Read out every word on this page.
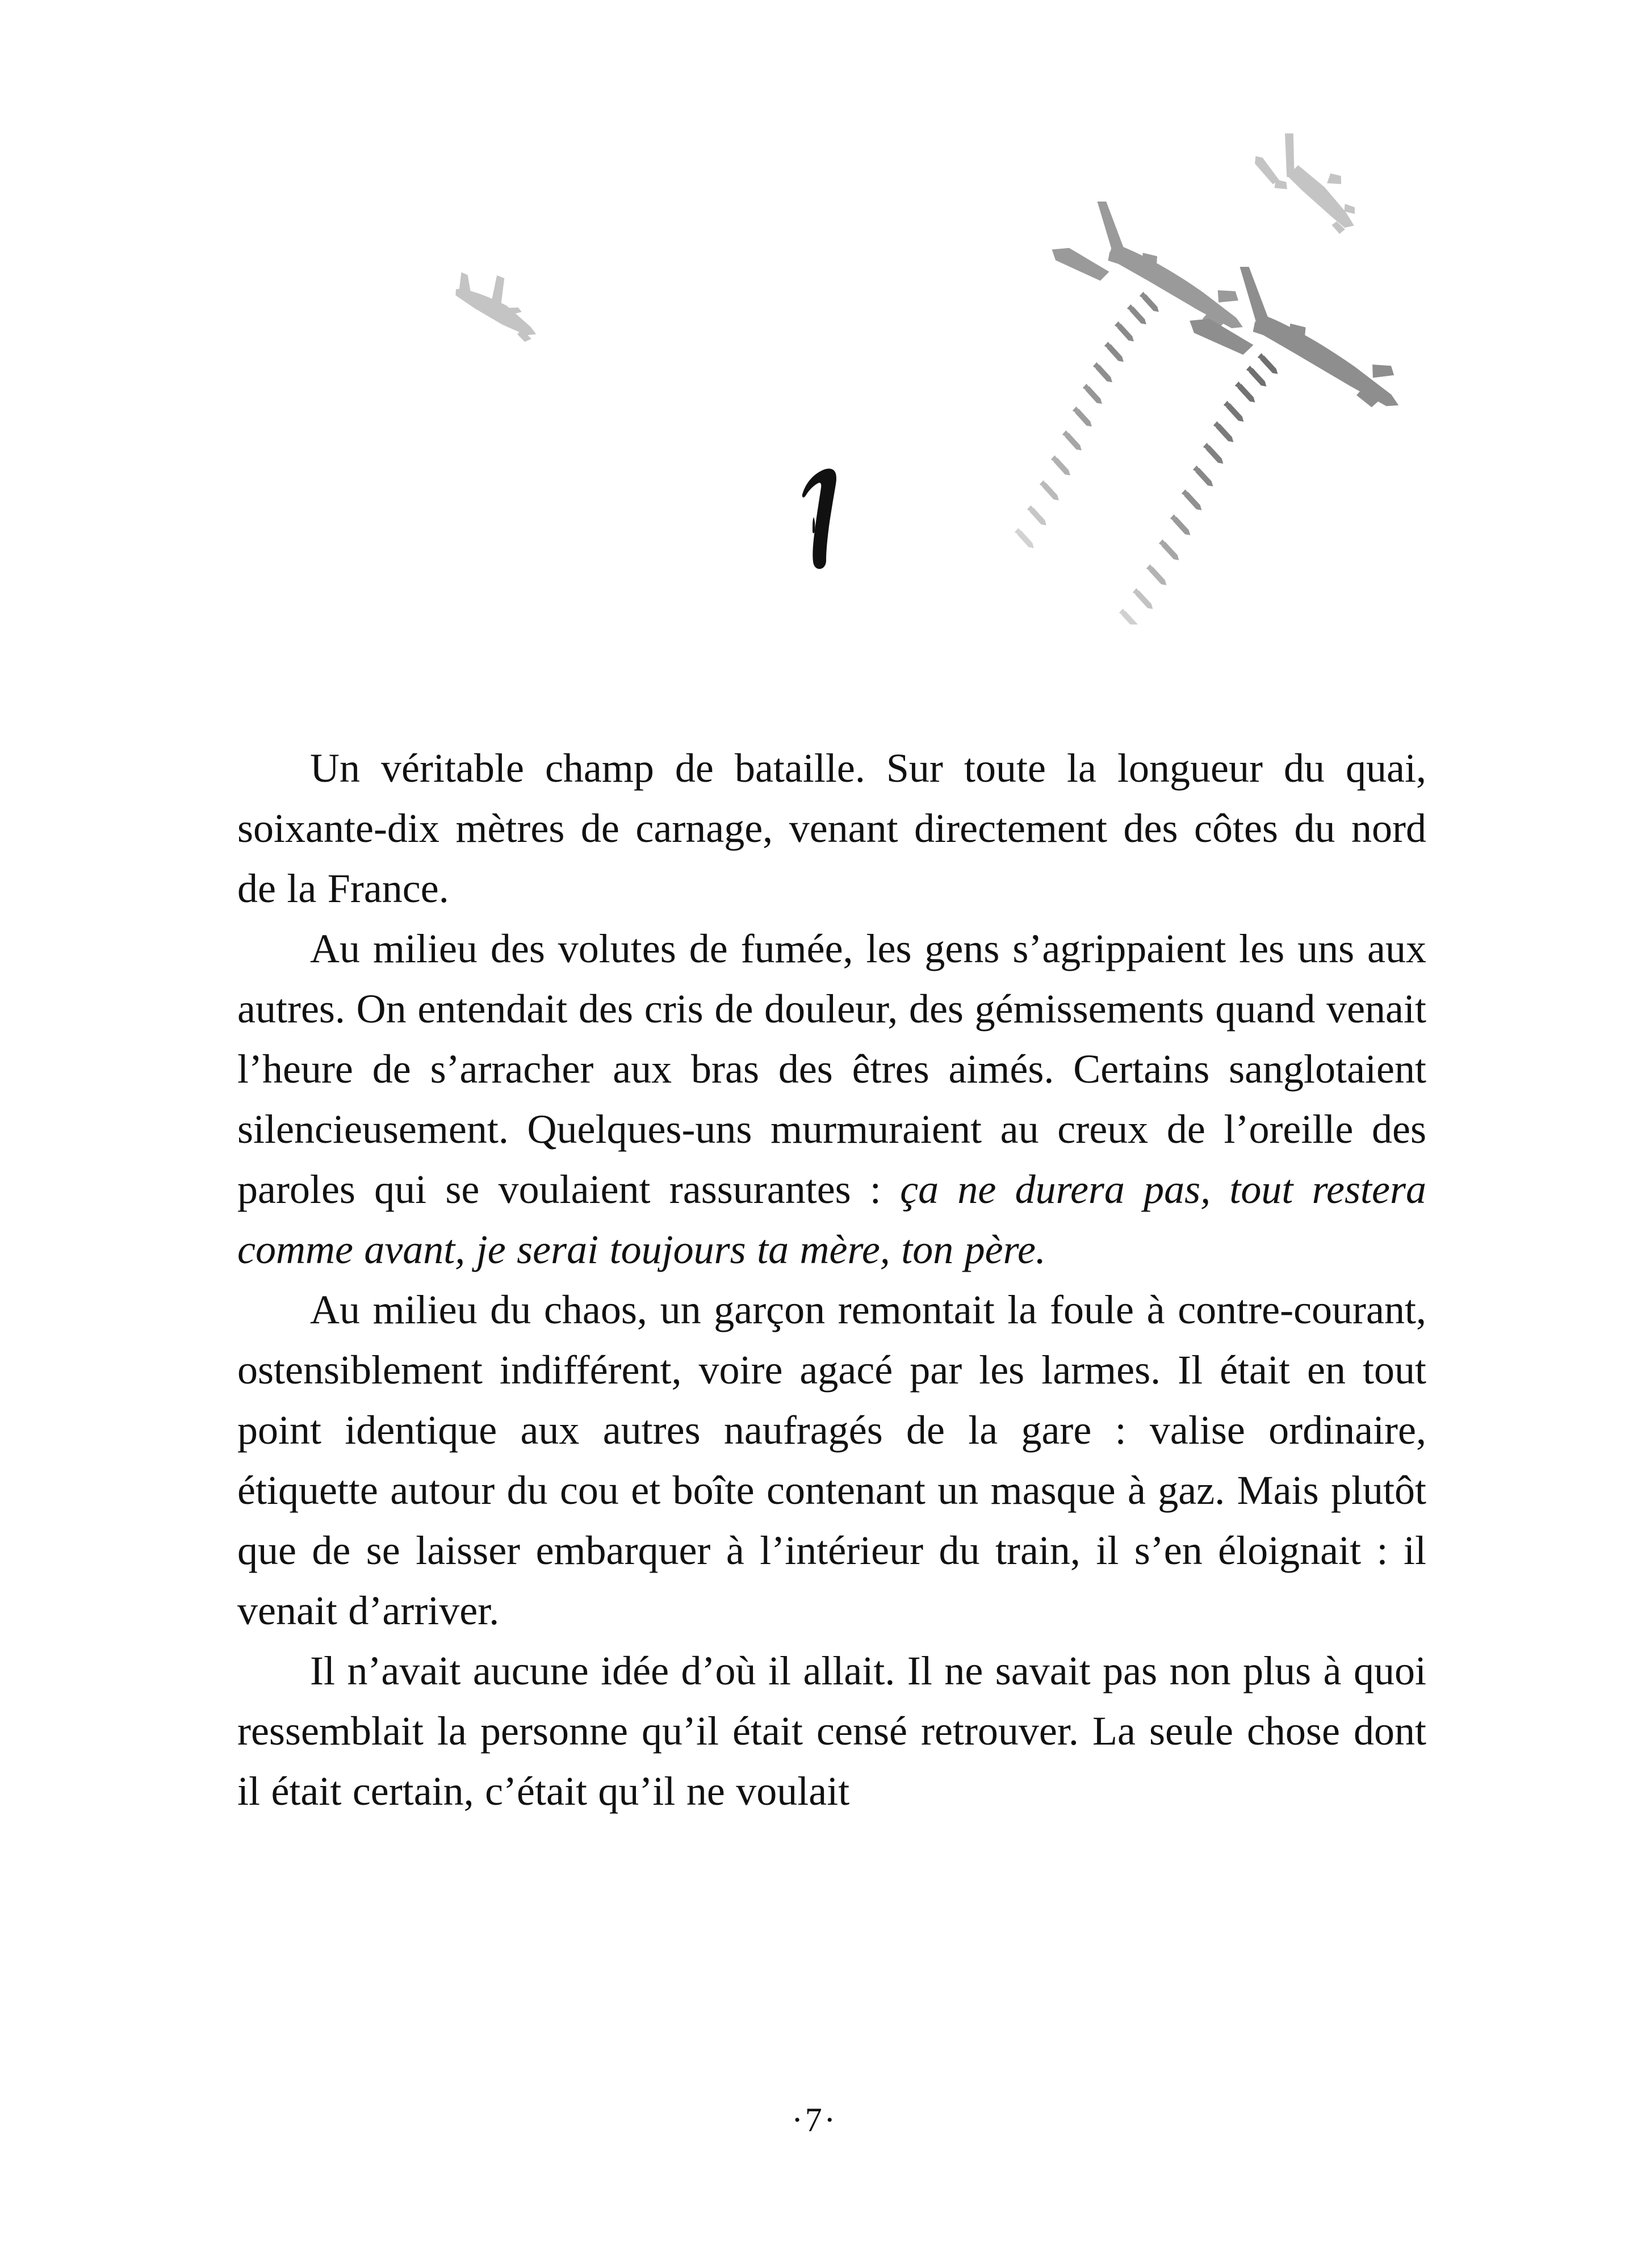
Un véritable champ de bataille. Sur toute la longueur du quai, soixante-dix mètres de carnage, venant directement des côtes du nord de la France.

Au milieu des volutes de fumée, les gens s’agrippaient les uns aux autres. On entendait des cris de douleur, des gémissements quand venait l’heure de s’arracher aux bras des êtres aimés. Certains sanglotaient silencieusement. Quelques-uns murmuraient au creux de l’oreille des paroles qui se voulaient rassurantes : ça ne durera pas, tout restera comme avant, je serai toujours ta mère, ton père.

Au milieu du chaos, un garçon remontait la foule à contre-courant, ostensiblement indifférent, voire agacé par les larmes. Il était en tout point identique aux autres naufragés de la gare : valise ordinaire, étiquette autour du cou et boîte contenant un masque à gaz. Mais plutôt que de se laisser embarquer à l’intérieur du train, il s’en éloignait : il venait d’arriver.

Il n’avait aucune idée d’où il allait. Il ne savait pas non plus à quoi ressemblait la personne qu’il était censé retrouver. La seule chose dont il était certain, c’était qu’il ne voulait

·7·
